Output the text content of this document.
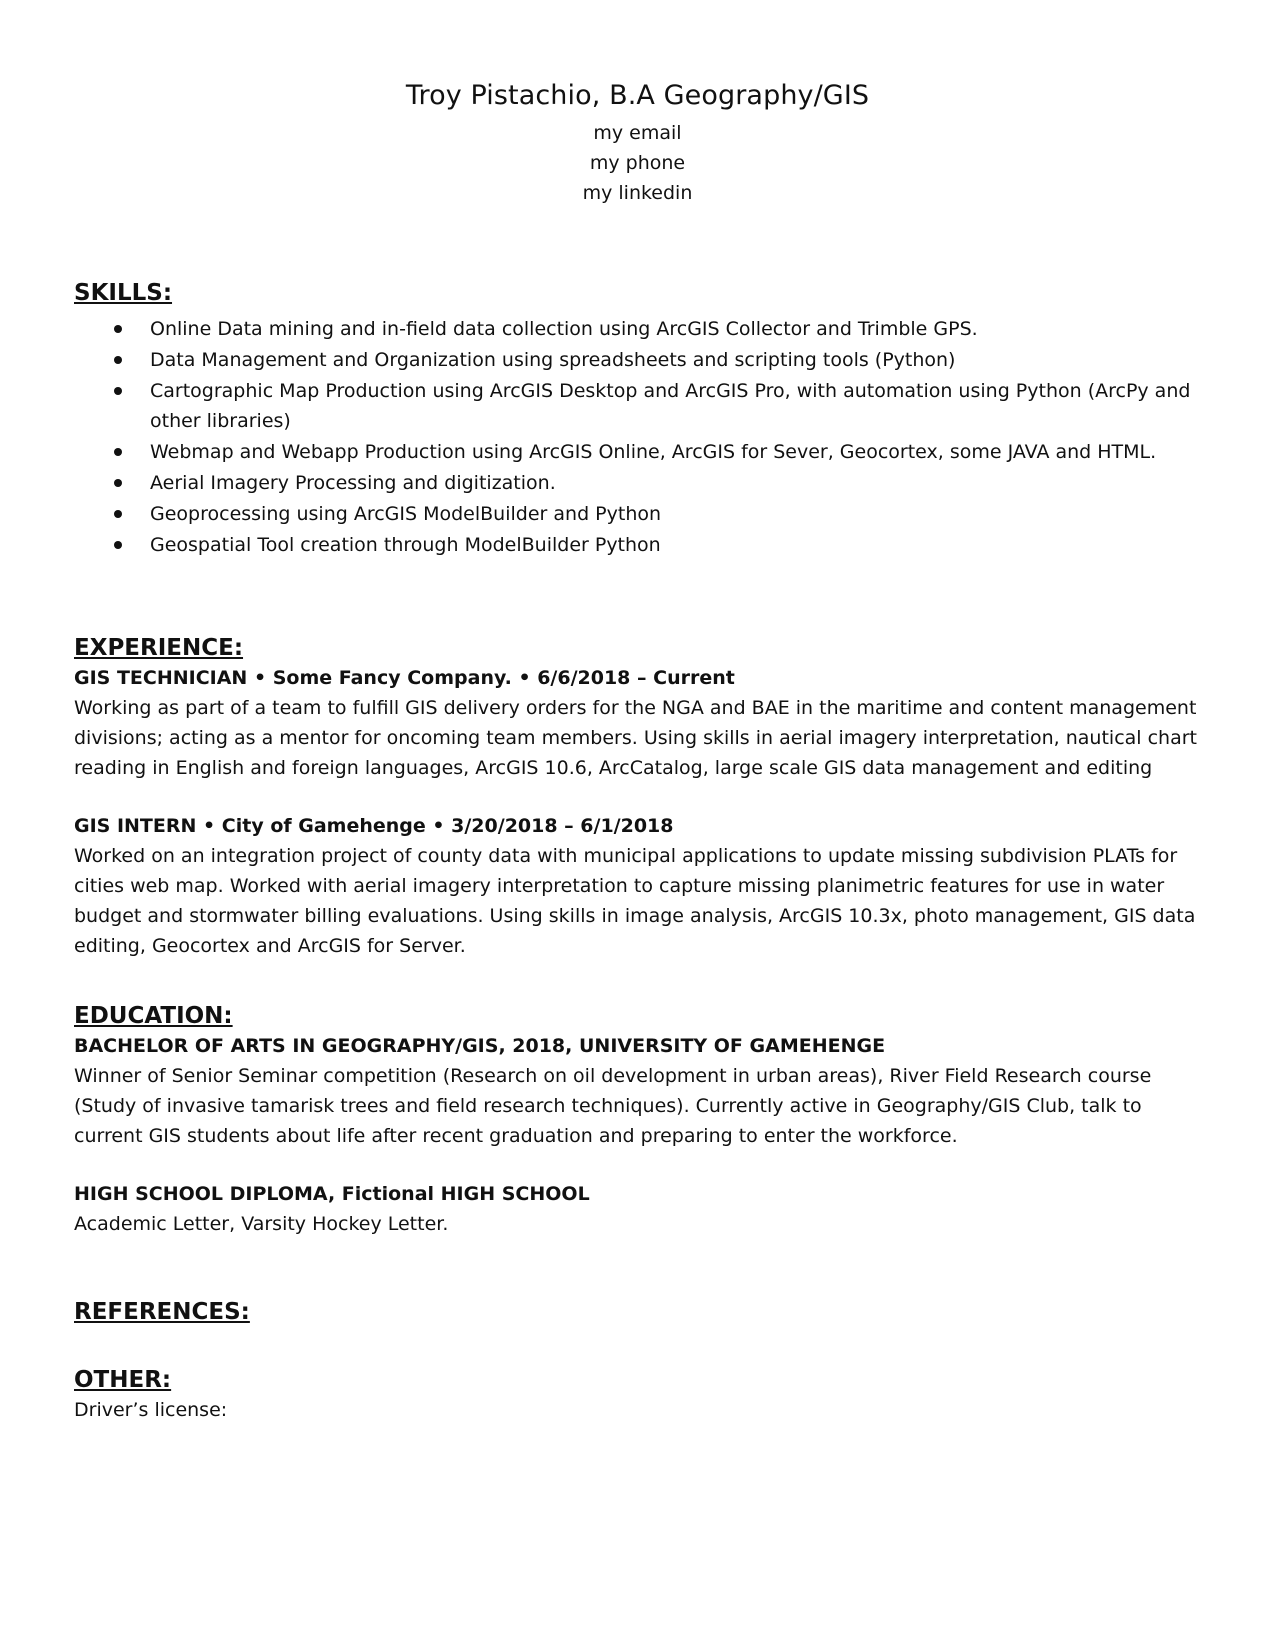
Troy Pistachio, B.A Geography/GIS
my email
my phone
my linkedin
SKILLS:
Online Data mining and in-field data collection using ArcGIS Collector and Trimble GPS.
Data Management and Organization using spreadsheets and scripting tools (Python)
Cartographic Map Production using ArcGIS Desktop and ArcGIS Pro, with automation using Python (ArcPy and other libraries)
Webmap and Webapp Production using ArcGIS Online, ArcGIS for Sever, Geocortex, some JAVA and HTML.
Aerial Imagery Processing and digitization.
Geoprocessing using ArcGIS ModelBuilder and Python
Geospatial Tool creation through ModelBuilder Python
EXPERIENCE:
GIS TECHNICIAN • Some Fancy Company. • 6/6/2018 – Current
Working as part of a team to fulfill GIS delivery orders for the NGA and BAE in the maritime and content management divisions; acting as a mentor for oncoming team members. Using skills in aerial imagery interpretation, nautical chart reading in English and foreign languages, ArcGIS 10.6, ArcCatalog, large scale GIS data management and editing
GIS INTERN • City of Gamehenge • 3/20/2018 – 6/1/2018
Worked on an integration project of county data with municipal applications to update missing subdivision PLATs for cities web map. Worked with aerial imagery interpretation to capture missing planimetric features for use in water budget and stormwater billing evaluations. Using skills in image analysis, ArcGIS 10.3x, photo management, GIS data editing, Geocortex and ArcGIS for Server.
EDUCATION:
BACHELOR OF ARTS IN GEOGRAPHY/GIS, 2018, UNIVERSITY OF GAMEHENGE
Winner of Senior Seminar competition (Research on oil development in urban areas), River Field Research course (Study of invasive tamarisk trees and field research techniques). Currently active in Geography/GIS Club, talk to current GIS students about life after recent graduation and preparing to enter the workforce.
HIGH SCHOOL DIPLOMA, Fictional HIGH SCHOOL
Academic Letter, Varsity Hockey Letter.
REFERENCES:
OTHER:
Driver’s license:
